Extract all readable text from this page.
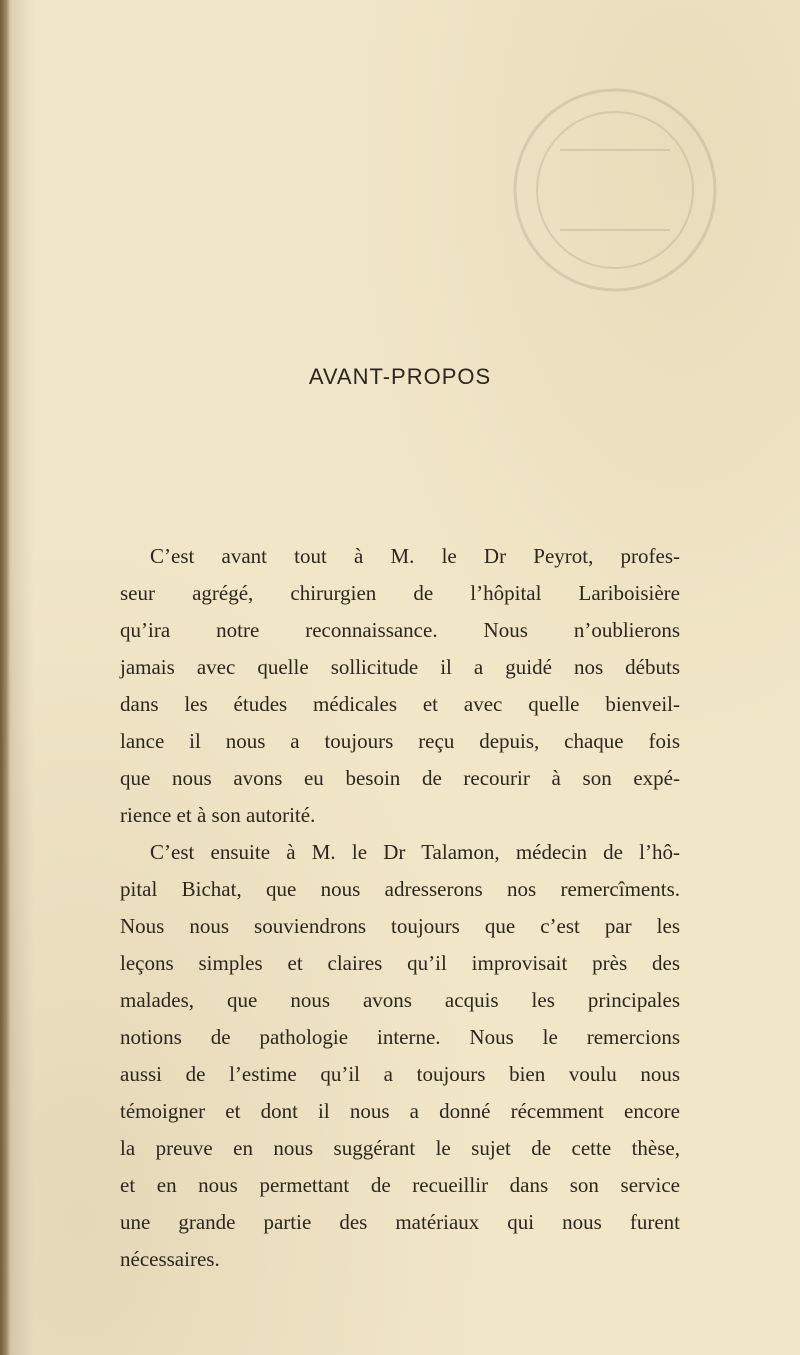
AVANT-PROPOS

C’est avant tout à M. le Dr Peyrot, profes-
seur agrégé, chirurgien de l’hôpital Lariboisière
qu’ira notre reconnaissance. Nous n’oublierons
jamais avec quelle sollicitude il a guidé nos débuts
dans les études médicales et avec quelle bienveil-
lance il nous a toujours reçu depuis, chaque fois
que nous avons eu besoin de recourir à son expé-
rience et à son autorité.

C’est ensuite à M. le Dr Talamon, médecin de l’hô-
pital Bichat, que nous adresserons nos remercîments.
Nous nous souviendrons toujours que c’est par les
leçons simples et claires qu’il improvisait près des
malades, que nous avons acquis les principales
notions de pathologie interne. Nous le remercions
aussi de l’estime qu’il a toujours bien voulu nous
témoigner et dont il nous a donné récemment encore
la preuve en nous suggérant le sujet de cette thèse,
et en nous permettant de recueillir dans son service
une grande partie des matériaux qui nous furent
nécessaires.
